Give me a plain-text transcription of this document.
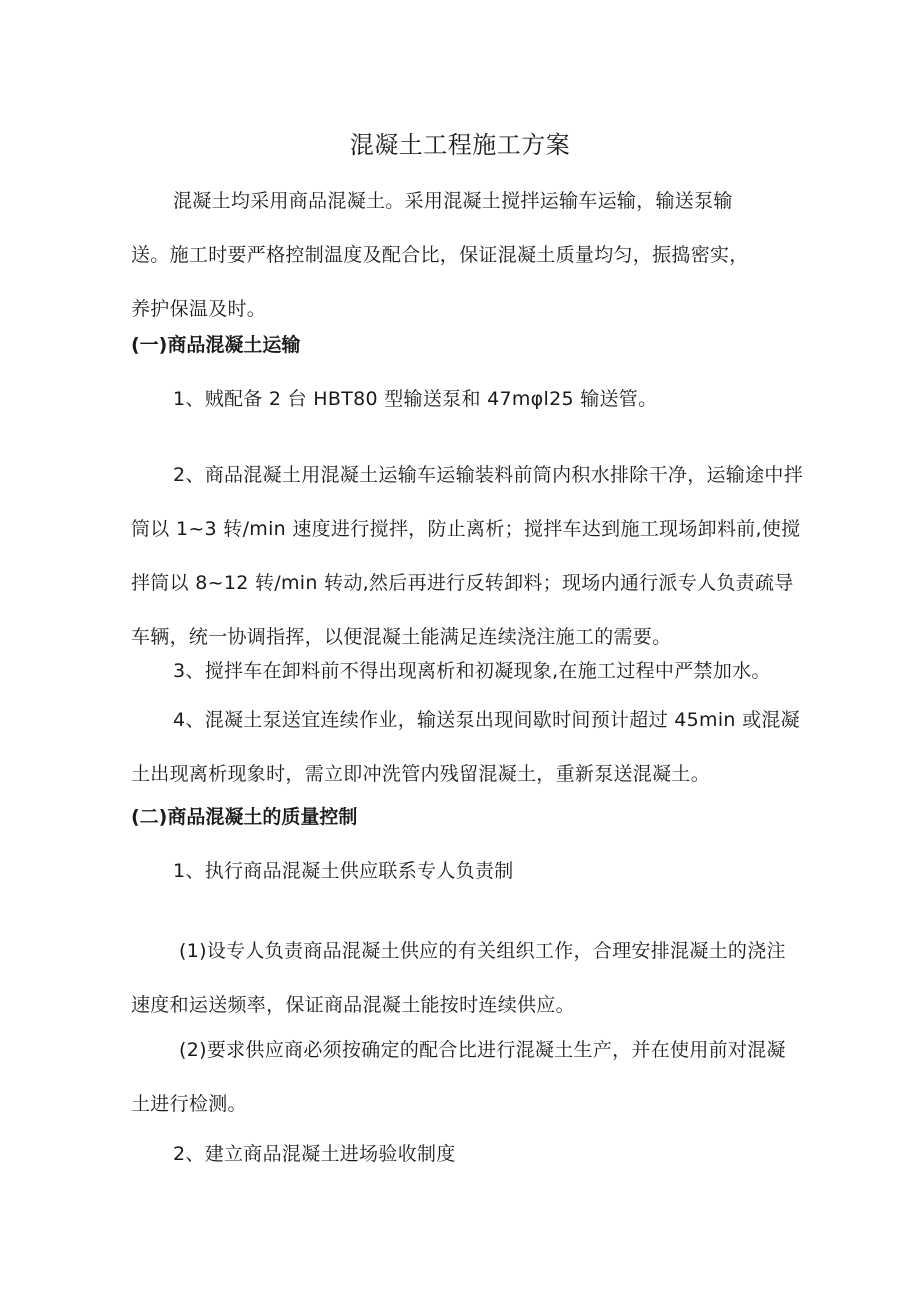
混凝土工程施工方案
混凝土均采用商品混凝土。采用混凝土搅拌运输车运输，输送泵输送。施工时要严格控制温度及配合比，保证混凝土质量均匀，振捣密实，养护保温及时。
(一)商品混凝土运输
1、贼配备 2 台 HBT80 型输送泵和 47mφl25 输送管。
2、商品混凝土用混凝土运输车运输装料前筒内积水排除干净，运输途中拌筒以 1~3 转/min 速度进行搅拌，防止离析；搅拌车达到施工现场卸料前,使搅拌筒以 8~12 转/min 转动,然后再进行反转卸料；现场内通行派专人负责疏导车辆，统一协调指挥，以便混凝土能满足连续浇注施工的需要。
3、搅拌车在卸料前不得出现离析和初凝现象,在施工过程中严禁加水。
4、混凝土泵送宜连续作业，输送泵出现间歇时间预计超过 45min 或混凝土出现离析现象时，需立即冲洗管内残留混凝土，重新泵送混凝土。
(二)商品混凝土的质量控制
1、执行商品混凝土供应联系专人负责制
(1)设专人负责商品混凝土供应的有关组织工作，合理安排混凝土的浇注速度和运送频率，保证商品混凝土能按时连续供应。
(2)要求供应商必须按确定的配合比进行混凝土生产，并在使用前对混凝土进行检测。
2、建立商品混凝土进场验收制度
